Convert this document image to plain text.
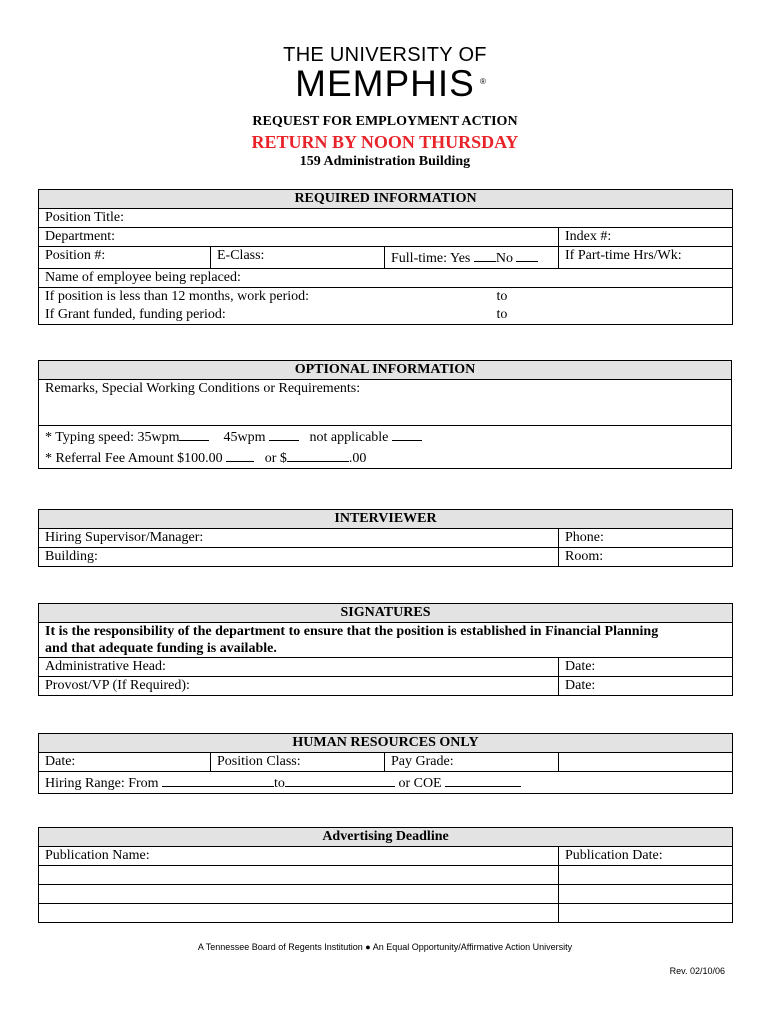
THE UNIVERSITY OF
MEMPHIS ®
REQUEST FOR EMPLOYMENT ACTION
RETURN BY NOON THURSDAY
159 Administration Building
REQUIRED INFORMATION			
Position Title:			
Department:			Index #:
Position #:	E-Class:	Full-time: Yes No	If Part-time Hrs/Wk:
Name of employee being replaced:			
If position is less than 12 months, work period:		to	
If Grant funded, funding period:		to	
OPTIONAL INFORMATION
Remarks, Special Working Conditions or Requirements:
* Typing speed: 35wpm	45wpm	not applicable
* Referral Fee Amount $100.00	or $	.00
INTERVIEWER	
Hiring Supervisor/Manager:	Phone:
Building:	Room:
SIGNATURES	

It is the responsibility of the department to ensure that the position is established in Financial Planning
and that adequate funding is available.	

Administrative Head:	Date:
Provost/VP (If Required):	Date:
HUMAN RESOURCES ONLY
Date:	Position Class:	Pay Grade:	
Hiring Range: From	to	or COE
Advertising Deadline	
Publication Name:	Publication Date:

A Tennessee Board of Regents Institution ● An Equal Opportunity/Affirmative Action University
Rev. 02/10/06
